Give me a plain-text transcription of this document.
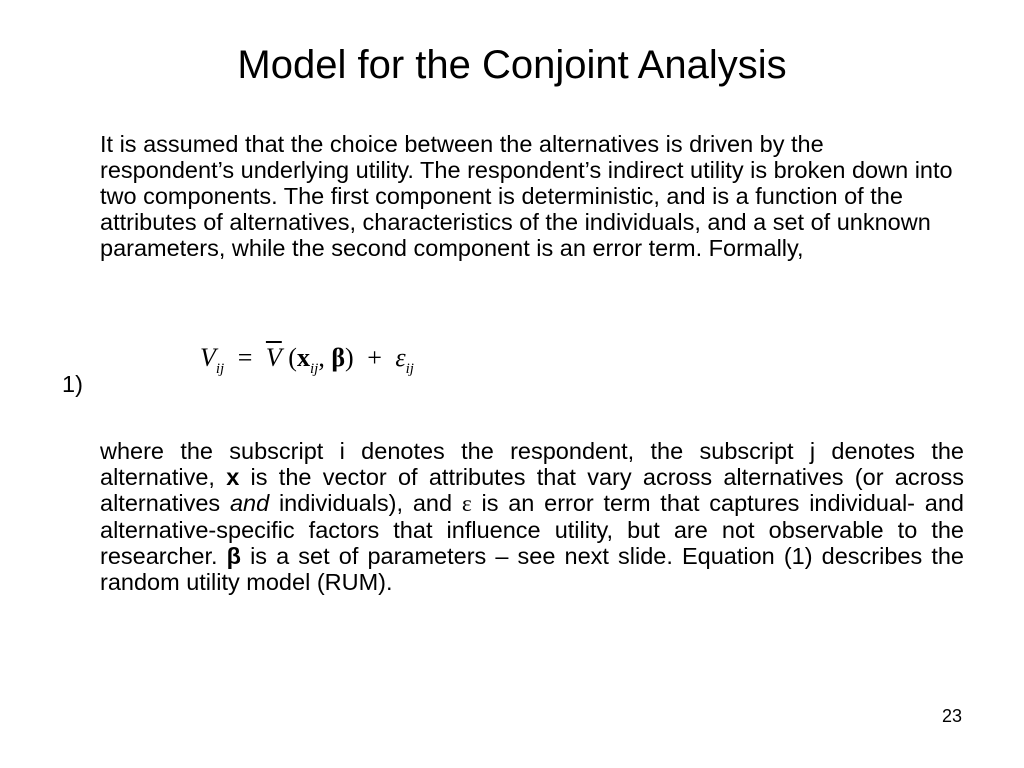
Model for the Conjoint Analysis
It is assumed that the choice between the alternatives is driven by the respondent’s underlying utility. The respondent’s indirect utility is broken down into two components. The first component is deterministic, and is a function of the attributes of alternatives, characteristics of the individuals, and a set of unknown parameters, while the second component is an error term. Formally,
1)
$V_{ij} = \overline{V}$ ($x_{ij}$, $\beta) + \varepsilon_{ij}$
where the subscript i denotes the respondent, the subscript j denotes the alternative, x is the vector of attributes that vary across alternatives (or across alternatives and individuals), and ε is an error term that captures individual- and alternative-specific factors that influence utility, but are not observable to the researcher. β is a set of parameters – see next slide. Equation (1) describes the random utility model (RUM).
23
